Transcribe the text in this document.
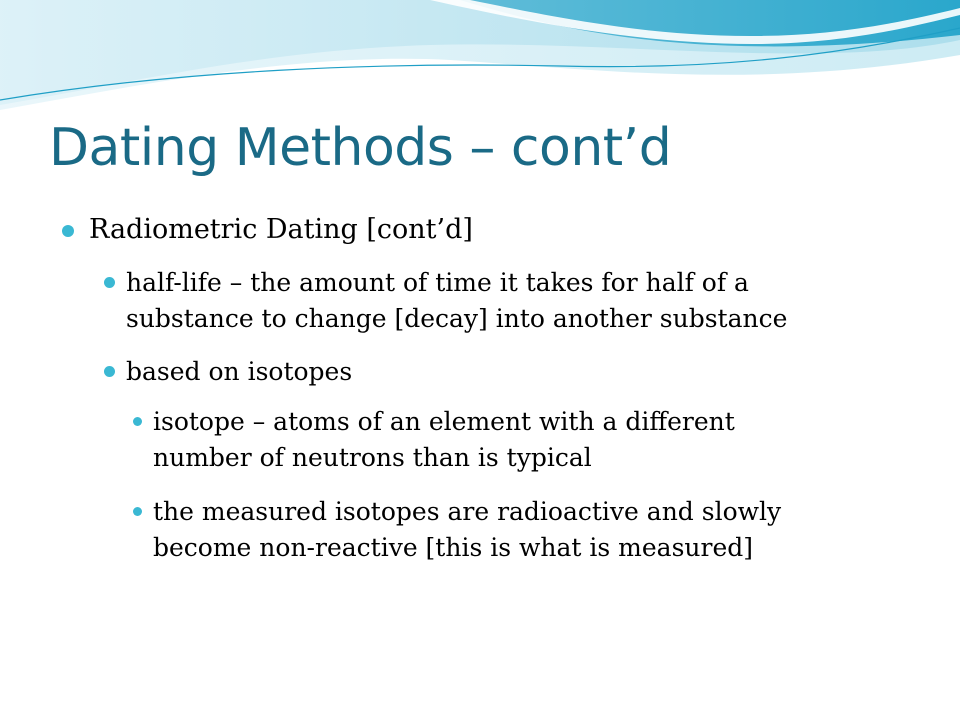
Dating Methods – cont’d

Radiometric Dating [cont’d]

half-life – the amount of time it takes for half of a

substance to change [decay] into another substance

based on isotopes

isotope – atoms of an element with a different

number of neutrons than is typical

the measured isotopes are radioactive and slowly

become non-reactive [this is what is measured]
